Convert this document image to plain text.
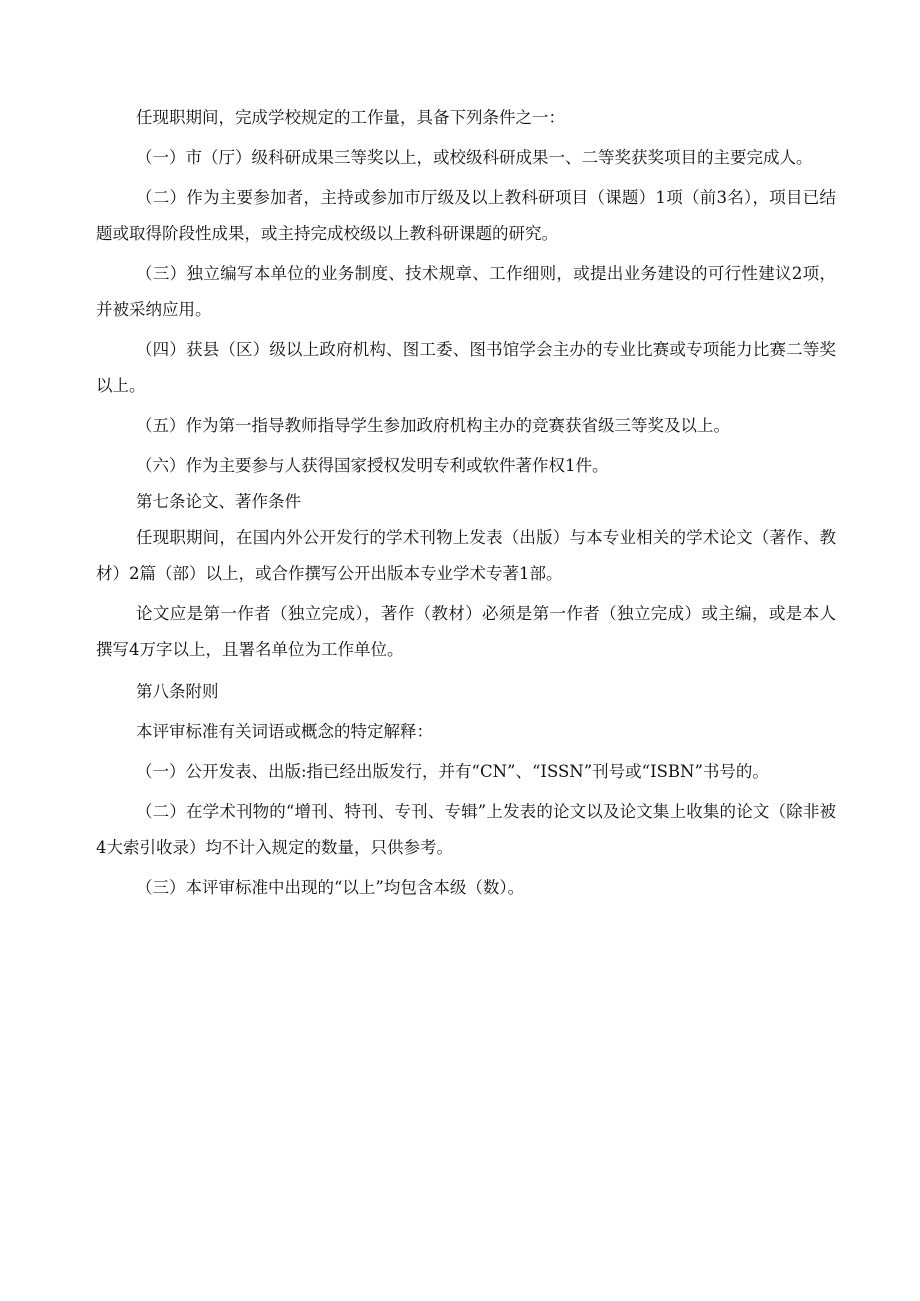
任现职期间，完成学校规定的工作量，具备下列条件之一：

（一）市（厅）级科研成果三等奖以上，或校级科研成果一、二等奖获奖项目的主要完成人。

（二）作为主要参加者，主持或参加市厅级及以上教科研项目（课题）1项（前3名），项目已结题或取得阶段性成果，或主持完成校级以上教科研课题的研究。

（三）独立编写本单位的业务制度、技术规章、工作细则，或提出业务建设的可行性建议2项，并被采纳应用。

（四）获县（区）级以上政府机构、图工委、图书馆学会主办的专业比赛或专项能力比赛二等奖以上。

（五）作为第一指导教师指导学生参加政府机构主办的竞赛获省级三等奖及以上。

（六）作为主要参与人获得国家授权发明专利或软件著作权1件。

第七条论文、著作条件

任现职期间，在国内外公开发行的学术刊物上发表（出版）与本专业相关的学术论文（著作、教材）2篇（部）以上，或合作撰写公开出版本专业学术专著1部。

论文应是第一作者（独立完成），著作（教材）必须是第一作者（独立完成）或主编，或是本人撰写4万字以上，且署名单位为工作单位。

第八条附则

本评审标准有关词语或概念的特定解释：

（一）公开发表、出版:指已经出版发行，并有“CN”、“ISSN”刊号或“ISBN”书号的。

（二）在学术刊物的“增刊、特刊、专刊、专辑”上发表的论文以及论文集上收集的论文（除非被4大索引收录）均不计入规定的数量，只供参考。

（三）本评审标准中出现的“以上”均包含本级（数）。
